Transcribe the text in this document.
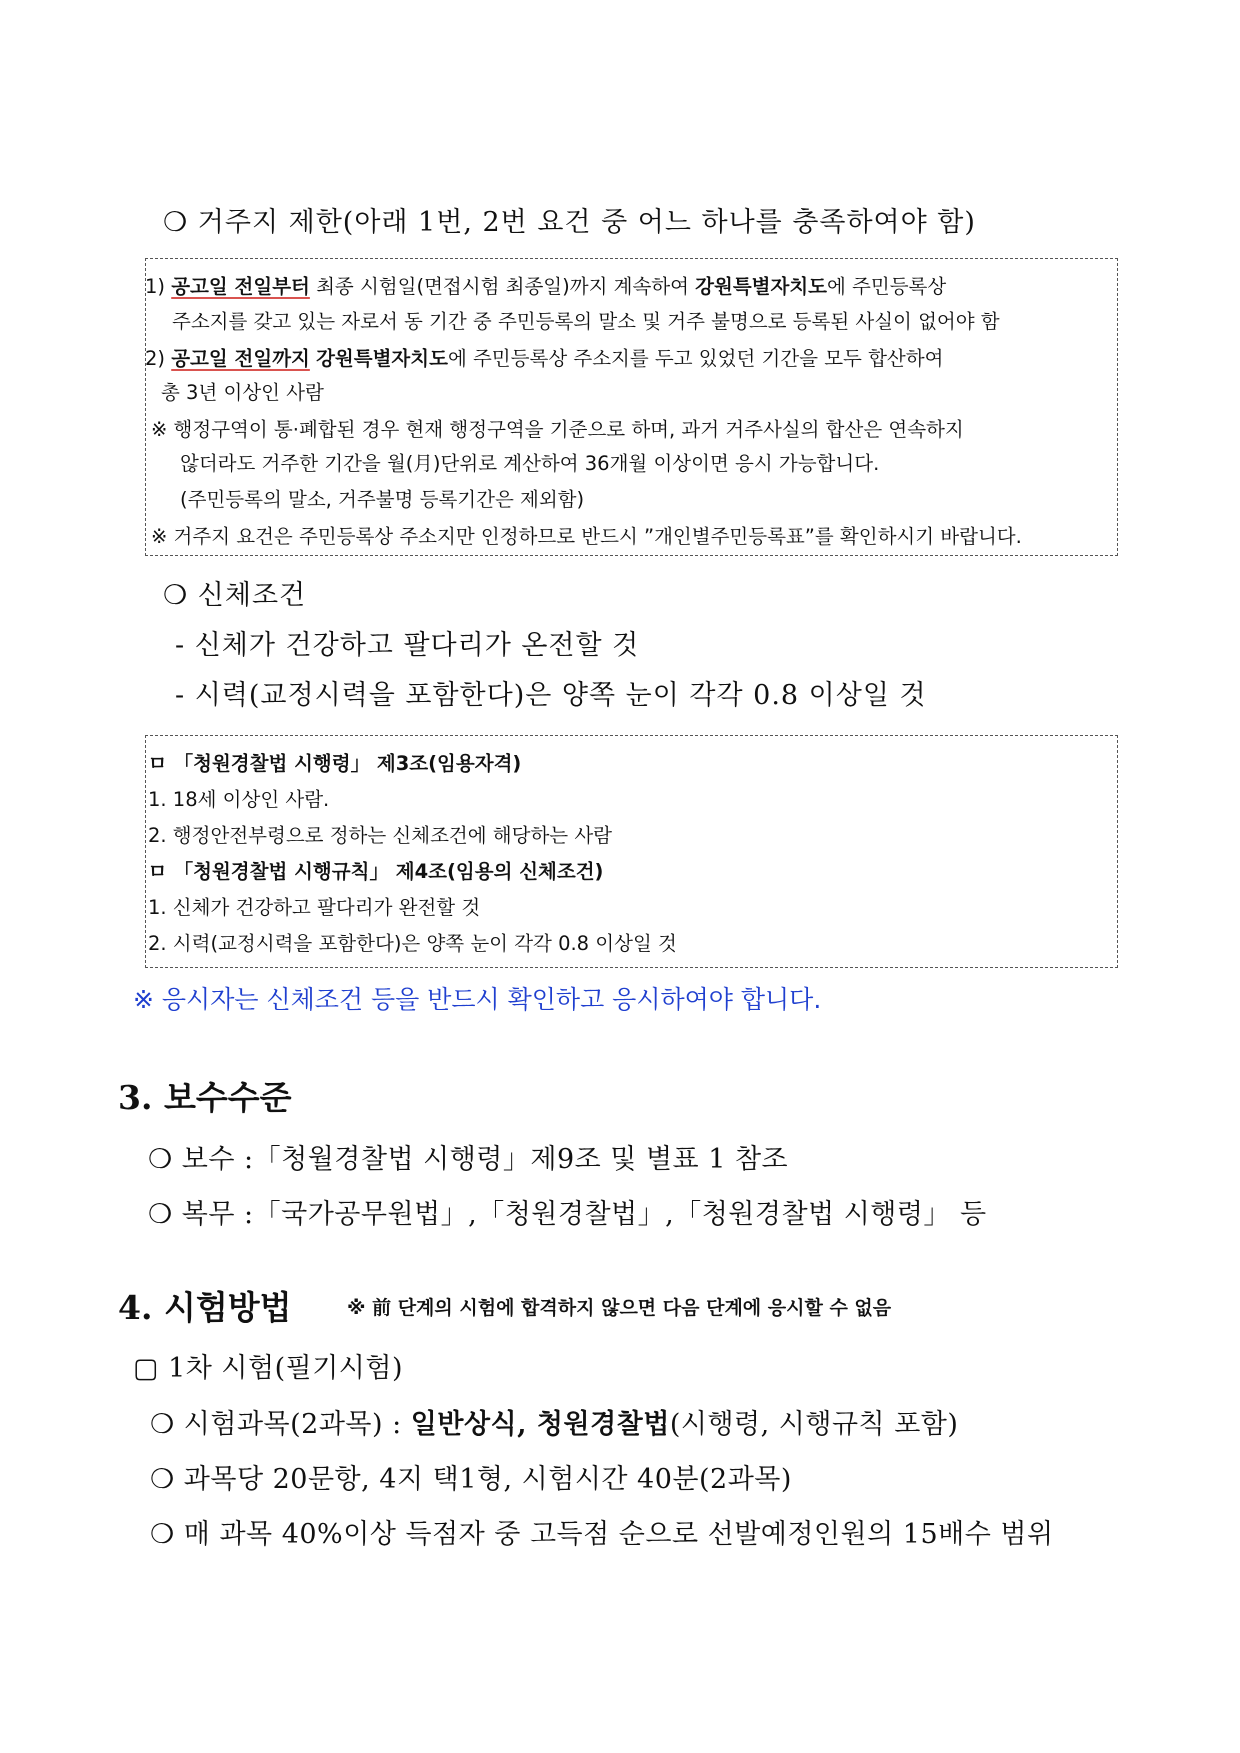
❍ 거주지 제한(아래 1번, 2번 요건 중 어느 하나를 충족하여야 함)
1) 공고일 전일부터 최종 시험일(면접시험 최종일)까지 계속하여 강원특별자치도에 주민등록상
주소지를 갖고 있는 자로서 동 기간 중 주민등록의 말소 및 거주 불명으로 등록된 사실이 없어야 함
2) 공고일 전일까지 강원특별자치도에 주민등록상 주소지를 두고 있었던 기간을 모두 합산하여
총 3년 이상인 사람
※ 행정구역이 통·폐합된 경우 현재 행정구역을 기준으로 하며, 과거 거주사실의 합산은 연속하지
않더라도 거주한 기간을 월(月)단위로 계산하여 36개월 이상이면 응시 가능합니다.
(주민등록의 말소, 거주불명 등록기간은 제외함)
※ 거주지 요건은 주민등록상 주소지만 인정하므로 반드시 ”개인별주민등록표”를 확인하시기 바랍니다.
❍ 신체조건
- 신체가 건강하고 팔다리가 온전할 것
- 시력(교정시력을 포함한다)은 양쪽 눈이 각각 0.8 이상일 것
ㅁ 「청원경찰법 시행령」 제3조(임용자격)
1. 18세 이상인 사람.
2. 행정안전부령으로 정하는 신체조건에 해당하는 사람
ㅁ 「청원경찰법 시행규칙」 제4조(임용의 신체조건)
1. 신체가 건강하고 팔다리가 완전할 것
2. 시력(교정시력을 포함한다)은 양쪽 눈이 각각 0.8 이상일 것
※ 응시자는 신체조건 등을 반드시 확인하고 응시하여야 합니다.
3. 보수수준
❍ 보수 :「청월경찰법 시행령」제9조 및 별표 1 참조
❍ 복무 :「국가공무원법」,「청원경찰법」,「청원경찰법 시행령」 등
4. 시험방법	※ 前 단계의 시험에 합격하지 않으면 다음 단계에 응시할 수 없음
▢ 1차 시험(필기시험)
❍ 시험과목(2과목) : 일반상식, 청원경찰법(시행령, 시행규칙 포함)
❍ 과목당 20문항, 4지 택1형, 시험시간 40분(2과목)
❍ 매 과목 40%이상 득점자 중 고득점 순으로 선발예정인원의 15배수 범위
